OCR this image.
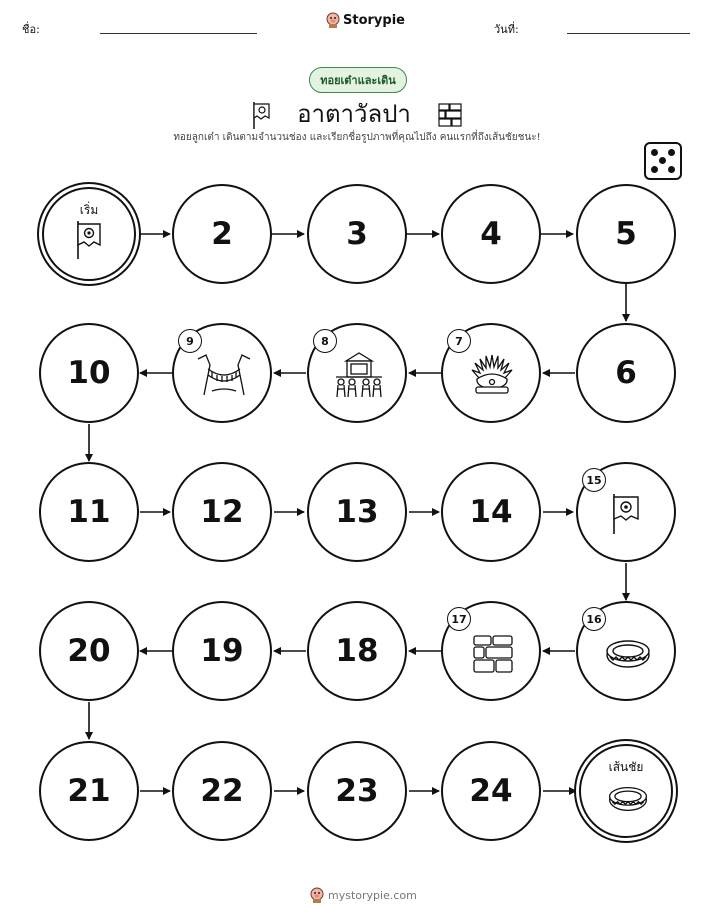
ชื่อ:
Storypie
วันที่:
ทอยเต๋าและเดิน
อาตาวัลปา
ทอยลูกเต๋า เดินตามจำนวนช่อง และเรียกชื่อรูปภาพที่คุณไปถึง คนแรกที่ถึงเส้นชัยชนะ!
เริ่ม
2	3	4	5
6
7
8
9
10
11	12	13	14
15
16
17
18
19
20
21	22	23	24
เส้นชัย
mystorypie.com
